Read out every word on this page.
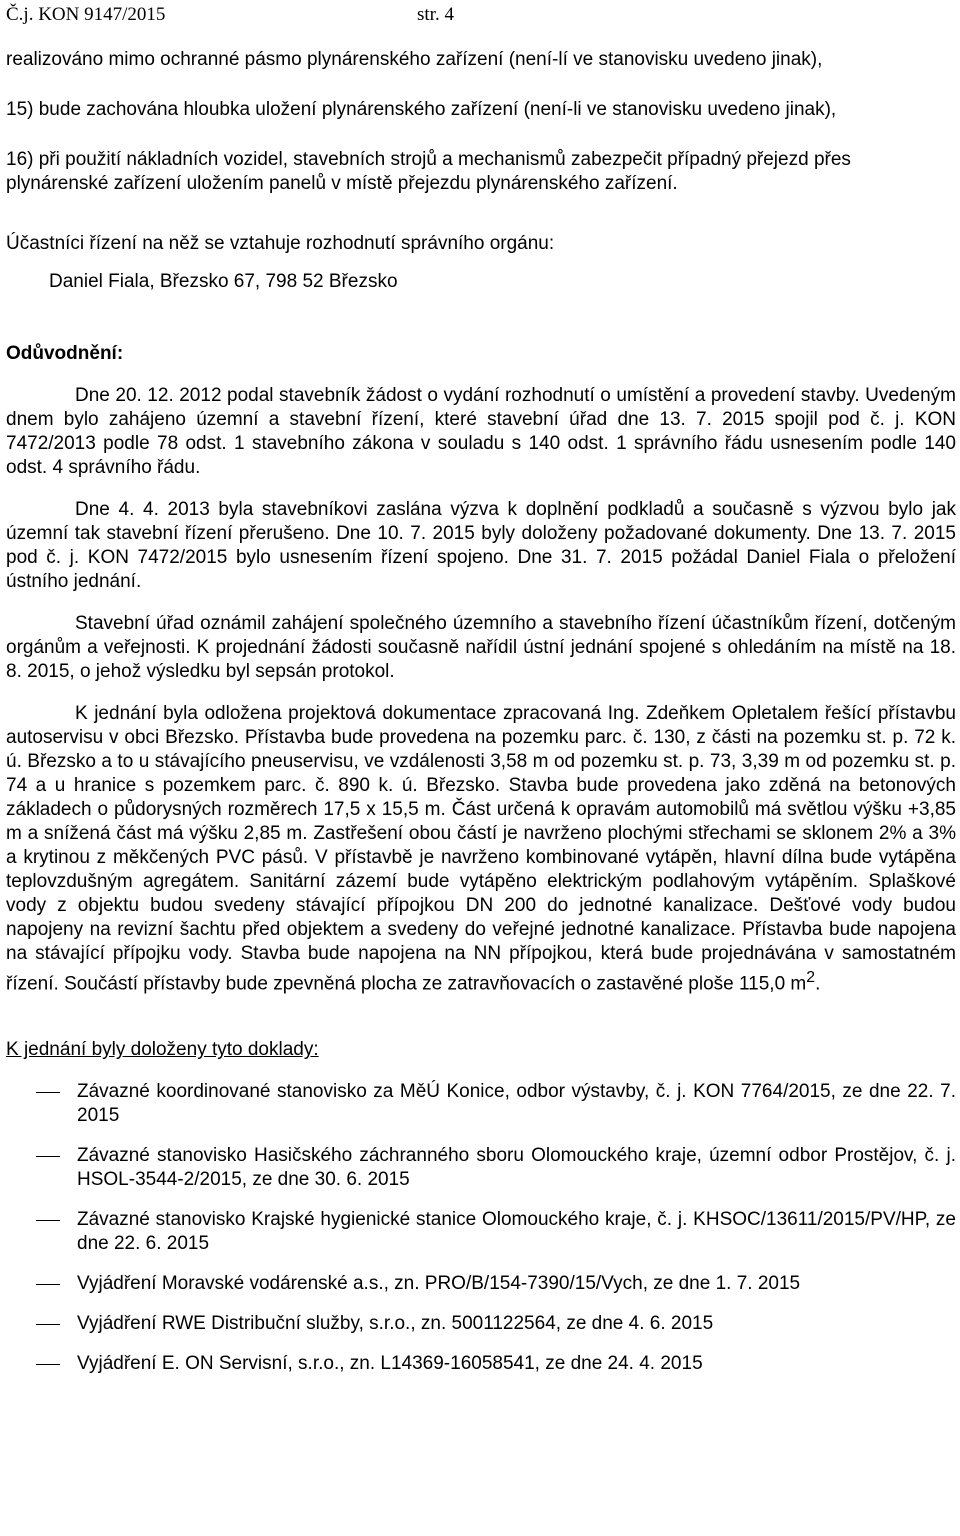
Č.j. KON 9147/2015	str. 4

realizováno mimo ochranné pásmo plynárenského zařízení (není-lí ve stanovisku uvedeno jinak),

15) bude zachována hloubka uložení plynárenského zařízení (není-li ve stanovisku uvedeno jinak),

16) při použití nákladních vozidel, stavebních strojů a mechanismů zabezpečit případný přejezd přes plynárenské zařízení uložením panelů v místě přejezdu plynárenského zařízení.

Účastníci řízení na něž se vztahuje rozhodnutí správního orgánu:

Daniel Fiala, Březsko 67, 798 52 Březsko

Odůvodnění:

Dne 20. 12. 2012 podal stavebník žádost o vydání rozhodnutí o umístění a provedení stavby. Uvedeným dnem bylo zahájeno územní a stavební řízení, které stavební úřad dne 13. 7. 2015 spojil pod č. j. KON 7472/2013 podle 78 odst. 1 stavebního zákona v souladu s 140 odst. 1 správního řádu usnesením podle 140 odst. 4 správního řádu.

Dne 4. 4. 2013 byla stavebníkovi zaslána výzva k doplnění podkladů a současně s výzvou bylo jak územní tak stavební řízení přerušeno. Dne 10. 7. 2015 byly doloženy požadované dokumenty. Dne 13. 7. 2015 pod č. j. KON 7472/2015 bylo usnesením řízení spojeno. Dne 31. 7. 2015 požádal Daniel Fiala o přeložení ústního jednání.

Stavební úřad oznámil zahájení společného územního a stavebního řízení účastníkům řízení, dotčeným orgánům a veřejnosti. K projednání žádosti současně nařídil ústní jednání spojené s ohledáním na místě na 18. 8. 2015, o jehož výsledku byl sepsán protokol.

K jednání byla odložena projektová dokumentace zpracovaná Ing. Zdeňkem Opletalem řešící přístavbu autoservisu v obci Březsko. Přístavba bude provedena na pozemku parc. č. 130, z části na pozemku st. p. 72 k. ú. Březsko a to u stávajícího pneuservisu, ve vzdálenosti 3,58 m od pozemku st. p. 73, 3,39 m od pozemku st. p. 74 a u hranice s pozemkem parc. č. 890 k. ú. Březsko. Stavba bude provedena jako zděná na betonových základech o půdorysných rozměrech 17,5 x 15,5 m. Část určená k opravám automobilů má světlou výšku +3,85 m a snížená část má výšku 2,85 m. Zastřešení obou částí je navrženo plochými střechami se sklonem 2% a 3% a krytinou z měkčených PVC pásů. V přístavbě je navrženo kombinované vytápěn, hlavní dílna bude vytápěna teplovzdušným agregátem. Sanitární zázemí bude vytápěno elektrickým podlahovým vytápěním. Splaškové vody z objektu budou svedeny stávající přípojkou DN 200 do jednotné kanalizace. Dešťové vody budou napojeny na revizní šachtu před objektem a svedeny do veřejné jednotné kanalizace. Přístavba bude napojena na stávající přípojku vody. Stavba bude napojena na NN přípojkou, která bude projednávána v samostatném řízení. Součástí přístavby bude zpevněná plocha ze zatravňovacích o zastavěné ploše 115,0 $m^2$.

K jednání byly doloženy tyto doklady:

Závazné koordinované stanovisko za MěÚ Konice, odbor výstavby, č. j. KON 7764/2015, ze dne 22. 7. 2015
Závazné stanovisko Hasičského záchranného sboru Olomouckého kraje, územní odbor Prostějov, č. j. HSOL-3544-2/2015, ze dne 30. 6. 2015
Závazné stanovisko Krajské hygienické stanice Olomouckého kraje, č. j. KHSOC/13611/2015/PV/HP, ze dne 22. 6. 2015
Vyjádření Moravské vodárenské a.s., zn. PRO/B/154-7390/15/Vych, ze dne 1. 7. 2015
Vyjádření RWE Distribuční služby, s.r.o., zn. 5001122564, ze dne 4. 6. 2015
Vyjádření E. ON Servisní, s.r.o., zn. L14369-16058541, ze dne 24. 4. 2015
